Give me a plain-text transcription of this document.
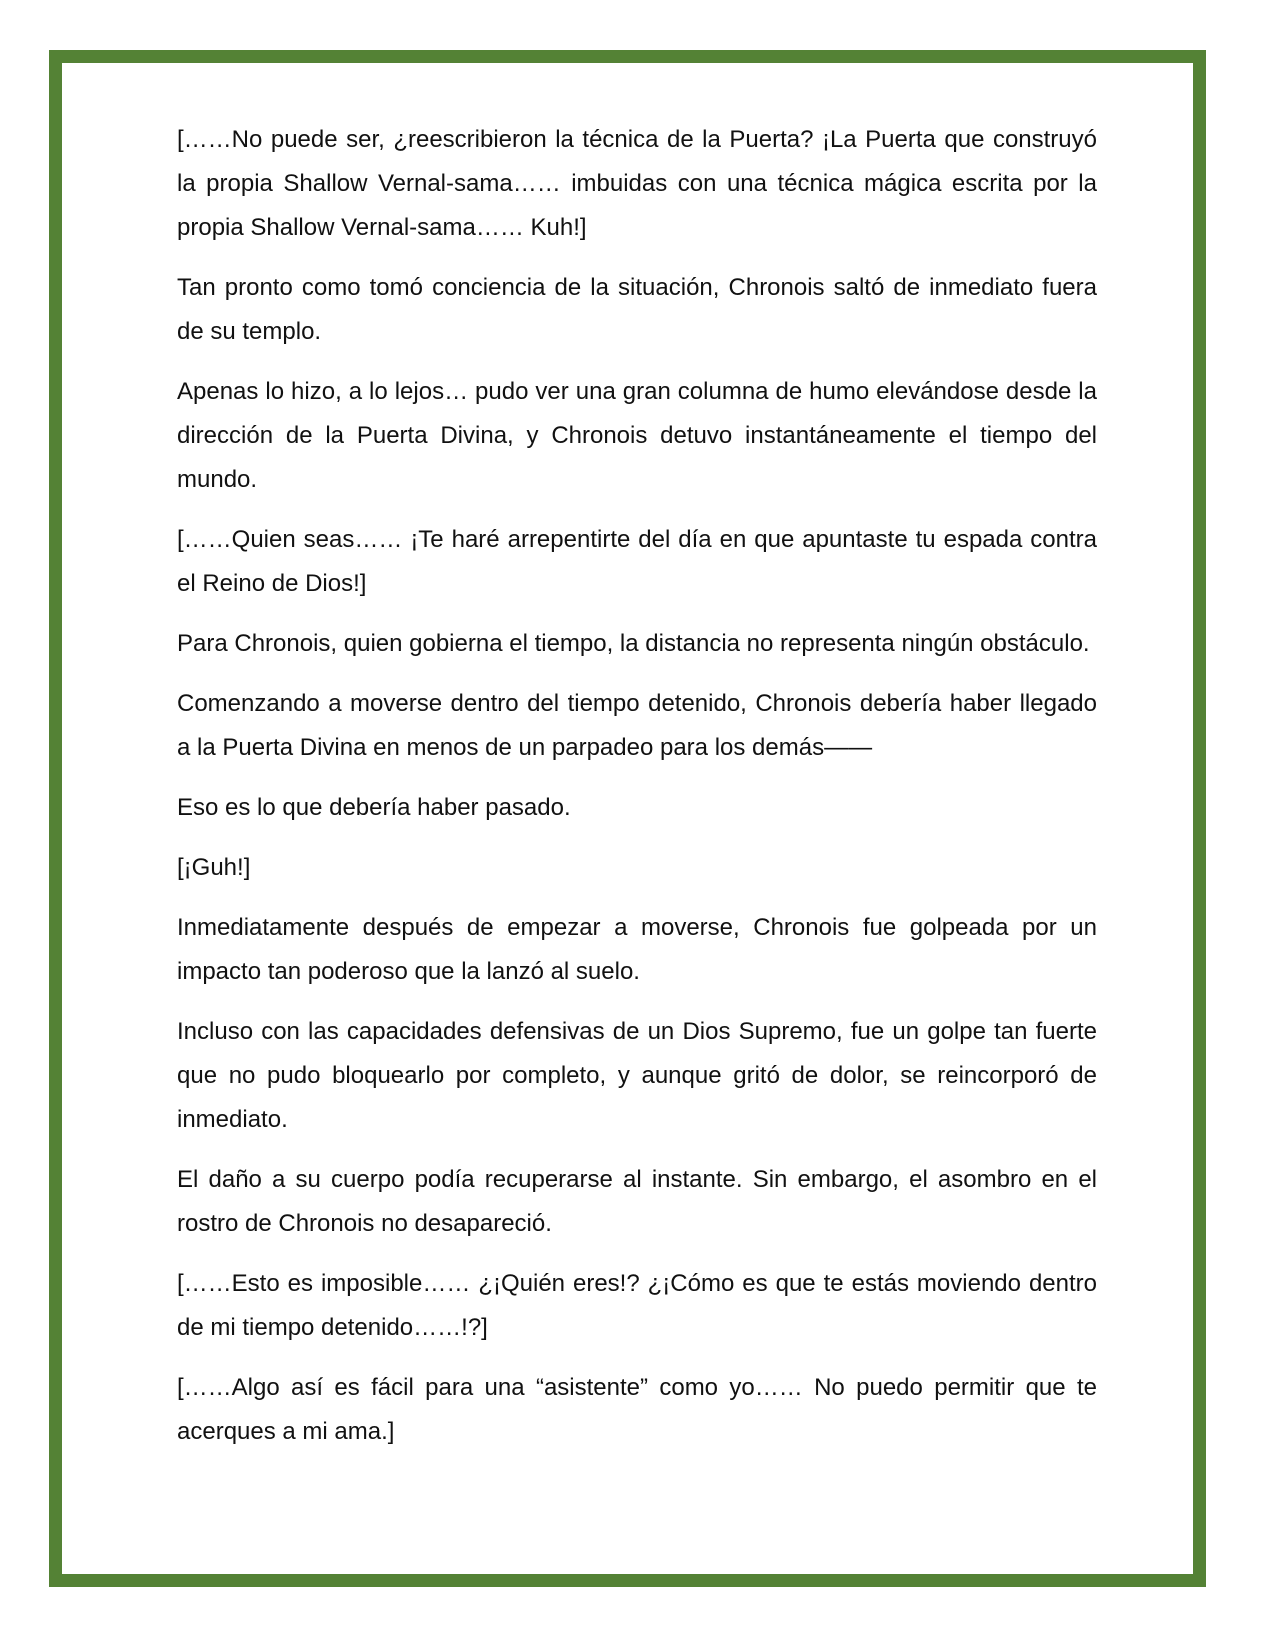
[……No puede ser, ¿reescribieron la técnica de la Puerta? ¡La Puerta que construyó la propia Shallow Vernal-sama…… imbuidas con una técnica mágica escrita por la propia Shallow Vernal-sama…… Kuh!]

Tan pronto como tomó conciencia de la situación, Chronois saltó de inmediato fuera de su templo.

Apenas lo hizo, a lo lejos… pudo ver una gran columna de humo elevándose desde la dirección de la Puerta Divina, y Chronois detuvo instantáneamente el tiempo del mundo.

[……Quien seas…… ¡Te haré arrepentirte del día en que apuntaste tu espada contra el Reino de Dios!]

Para Chronois, quien gobierna el tiempo, la distancia no representa ningún obstáculo.

Comenzando a moverse dentro del tiempo detenido, Chronois debería haber llegado a la Puerta Divina en menos de un parpadeo para los demás——

Eso es lo que debería haber pasado.

[¡Guh!]

Inmediatamente después de empezar a moverse, Chronois fue golpeada por un impacto tan poderoso que la lanzó al suelo.

Incluso con las capacidades defensivas de un Dios Supremo, fue un golpe tan fuerte que no pudo bloquearlo por completo, y aunque gritó de dolor, se reincorporó de inmediato.

El daño a su cuerpo podía recuperarse al instante. Sin embargo, el asombro en el rostro de Chronois no desapareció.

[……Esto es imposible…… ¿¡Quién eres!? ¿¡Cómo es que te estás moviendo dentro de mi tiempo detenido……!?]

[……Algo así es fácil para una “asistente” como yo…… No puedo permitir que te acerques a mi ama.]
